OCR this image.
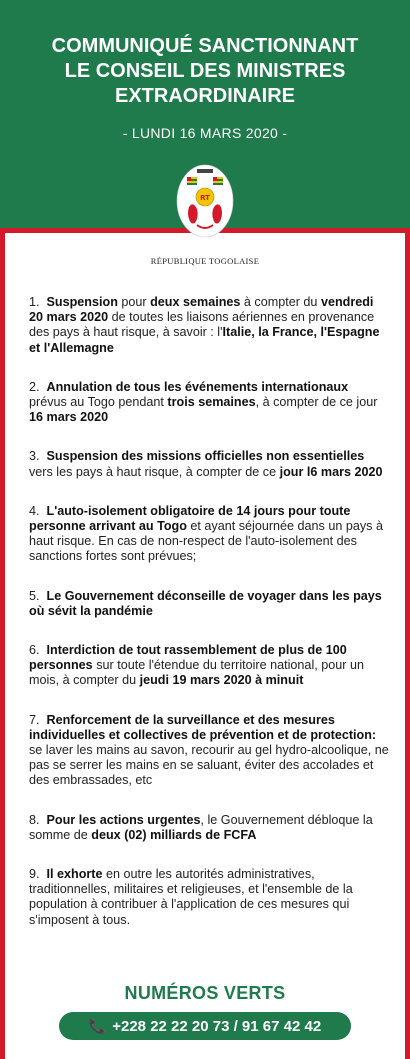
COMMUNIQUÉ SANCTIONNANT
LE CONSEIL DES MINISTRES
EXTRAORDINAIRE
- LUNDI 16 MARS 2020 -
RT
RÉPUBLIQUE TOGOLAISE
1. Suspension pour deux semaines à compter du vendredi 20 mars 2020 de toutes les liaisons aériennes en provenance des pays à haut risque, à savoir : l'Italie, la France, l'Espagne et l'Allemagne
2. Annulation de tous les événements internationaux prévus au Togo pendant trois semaines, à compter de ce jour 16 mars 2020
3. Suspension des missions officielles non essentielles vers les pays à haut risque, à compter de ce jour l6 mars 2020
4. L'auto-isolement obligatoire de 14 jours pour toute personne arrivant au Togo et ayant séjournée dans un pays à haut risque. En cas de non-respect de l'auto-isolement des sanctions fortes sont prévues;
5. Le Gouvernement déconseille de voyager dans les pays où sévit la pandémie
6. Interdiction de tout rassemblement de plus de 100 personnes sur toute l'étendue du territoire national, pour un mois, à compter du jeudi 19 mars 2020 à minuit
7. Renforcement de la surveillance et des mesures individuelles et collectives de prévention et de protection: se laver les mains au savon, recourir au gel hydro-alcoolique, ne pas se serrer les mains en se saluant, éviter des accolades et des embrassades, etc
8. Pour les actions urgentes, le Gouvernement débloque la somme de deux (02) milliards de FCFA
9. Il exhorte en outre les autorités administratives, traditionnelles, militaires et religieuses, et l'ensemble de la population à contribuer à l'application de ces mesures qui s'imposent à tous.
NUMÉROS VERTS
📞 +228 22 22 20 73 / 91 67 42 42
